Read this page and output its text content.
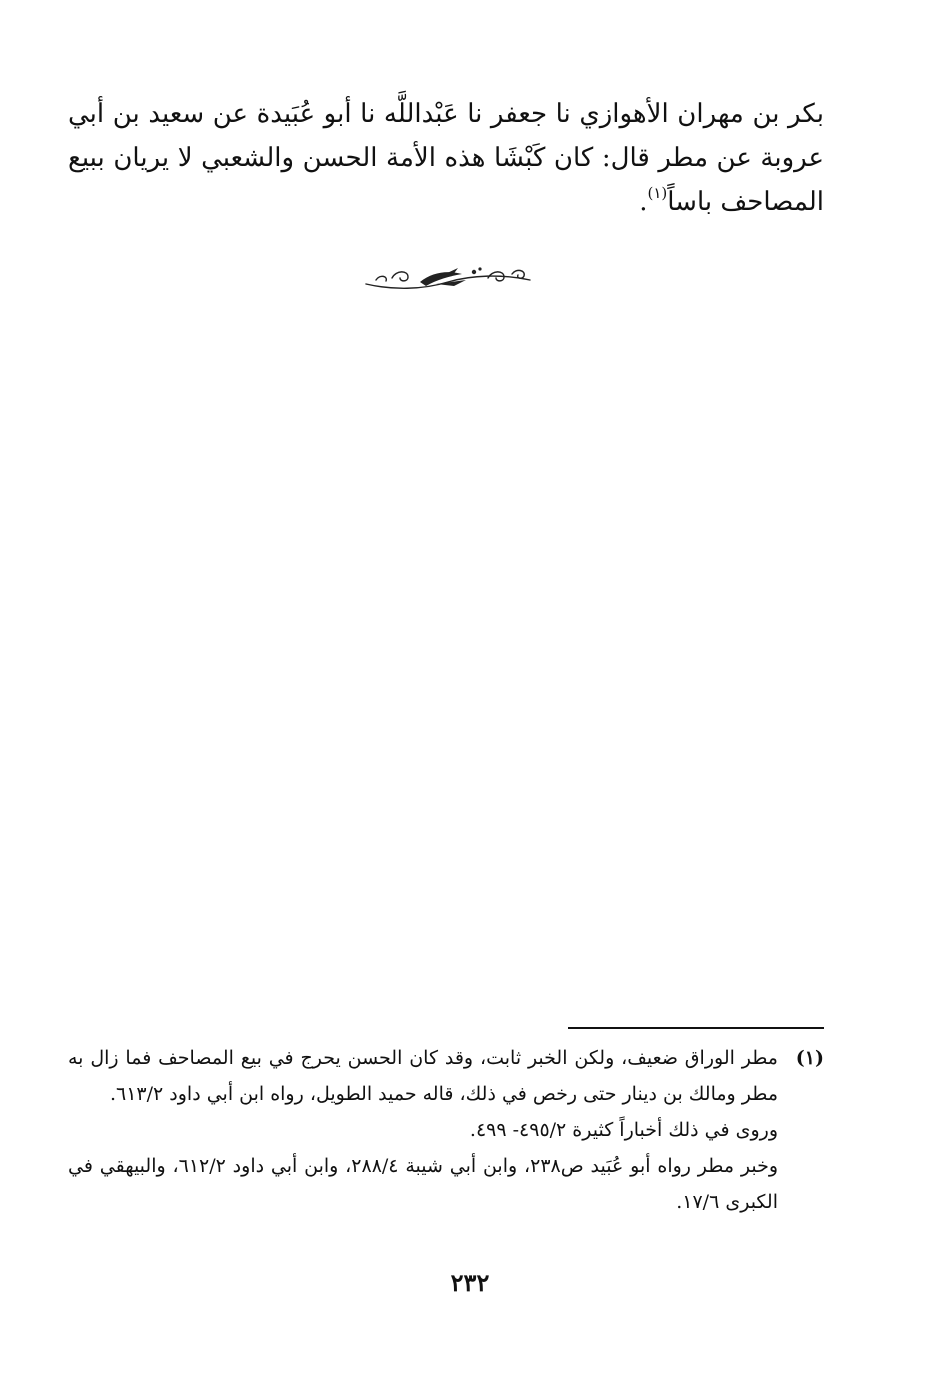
بكر بن مهران الأهوازي نا جعفر نا عَبْداللَّه نا أبو عُبَيدة عن سعيد بن أبي عروبة عن مطر قال: كان كَبْشَا هذه الأمة الحسن والشعبي لا يريان ببيع المصاحف باساً$^{(١)}$.

(١)
مطر الوراق ضعيف، ولكن الخبر ثابت، وقد كان الحسن يحرج في بيع المصاحف فما زال به مطر ومالك بن دينار حتى رخص في ذلك، قاله حميد الطويل، رواه ابن أبي داود ٦١٣/٢.

وروى في ذلك أخباراً كثيرة ٤٩٥/٢- ٤٩٩.

وخبر مطر رواه أبو عُبَيد ص٢٣٨، وابن أبي شيبة ٢٨٨/٤، وابن أبي داود ٦١٢/٢، والبيهقي في الكبرى ١٧/٦.

٢٣٢
